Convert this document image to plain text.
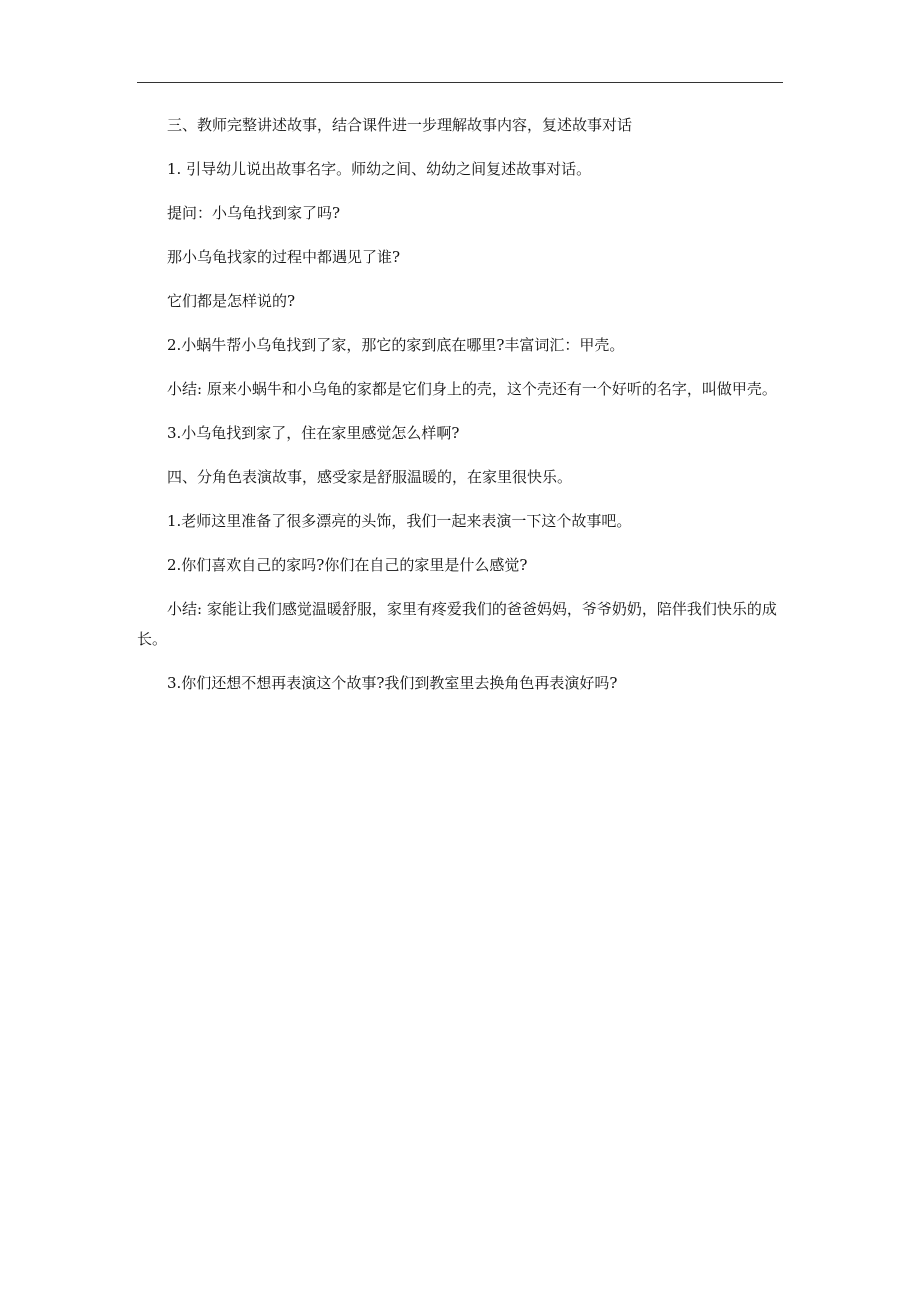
三、教师完整讲述故事，结合课件进一步理解故事内容，复述故事对话

1. 引导幼儿说出故事名字。师幼之间、幼幼之间复述故事对话。

提问：小乌龟找到家了吗?

那小乌龟找家的过程中都遇见了谁?

它们都是怎样说的?

2.小蜗牛帮小乌龟找到了家，那它的家到底在哪里?丰富词汇：甲壳。

小结: 原来小蜗牛和小乌龟的家都是它们身上的壳，这个壳还有一个好听的名字，叫做甲壳。

3.小乌龟找到家了，住在家里感觉怎么样啊?

四、分角色表演故事，感受家是舒服温暖的，在家里很快乐。

1.老师这里准备了很多漂亮的头饰，我们一起来表演一下这个故事吧。

2.你们喜欢自己的家吗?你们在自己的家里是什么感觉?

小结: 家能让我们感觉温暖舒服，家里有疼爱我们的爸爸妈妈，爷爷奶奶，陪伴我们快乐的成长。

3.你们还想不想再表演这个故事?我们到教室里去换角色再表演好吗?
